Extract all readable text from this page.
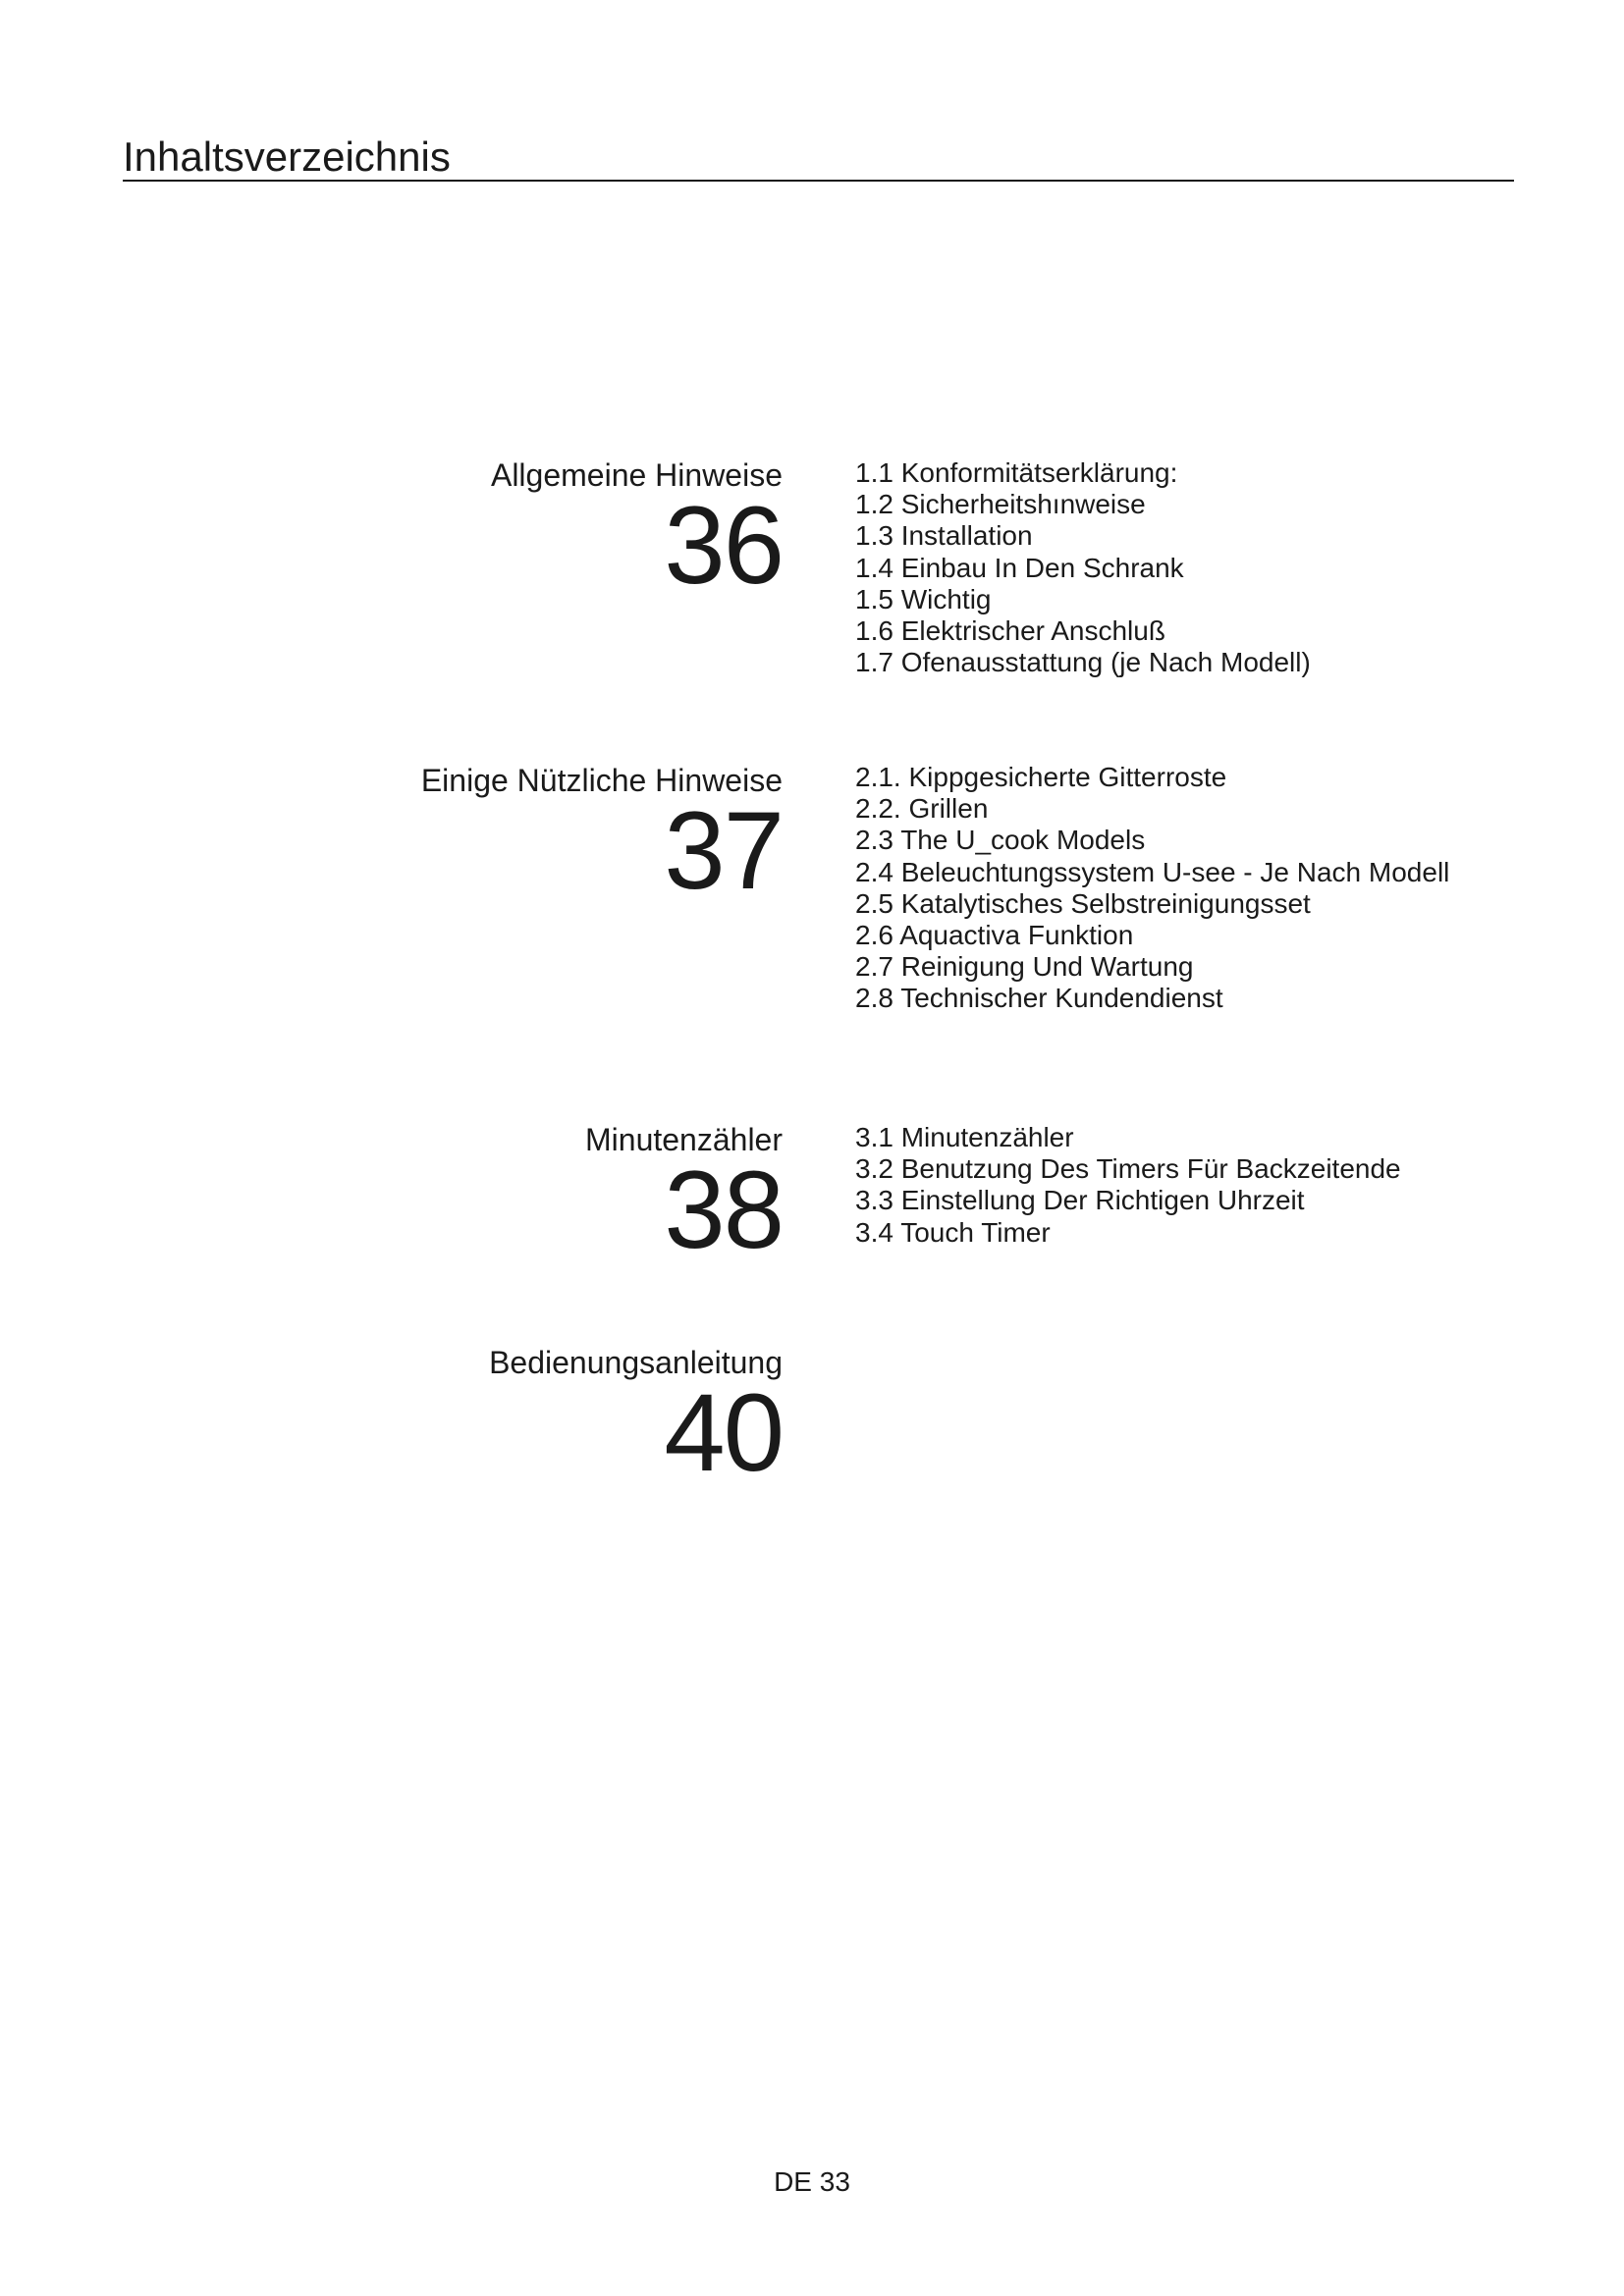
Inhaltsverzeichnis
Allgemeine Hinweise
36
1.1 Konformitätserklärung:
1.2 Sicherheitshınweise
1.3 Installation
1.4 Einbau In Den Schrank
1.5 Wichtig
1.6 Elektrischer Anschluß
1.7 Ofenausstattung (je Nach Modell)
Einige Nützliche Hinweise
37
2.1. Kippgesicherte Gitterroste
2.2. Grillen
2.3 The U_cook Models
2.4 Beleuchtungssystem U-see - Je Nach Modell
2.5 Katalytisches Selbstreinigungsset
2.6 Aquactiva Funktion
2.7 Reinigung Und Wartung
2.8 Technischer Kundendienst
Minutenzähler
38
3.1 Minutenzähler
3.2 Benutzung Des Timers Für Backzeitende
3.3 Einstellung Der Richtigen Uhrzeit
3.4 Touch Timer
Bedienungsanleitung
40
DE 33
